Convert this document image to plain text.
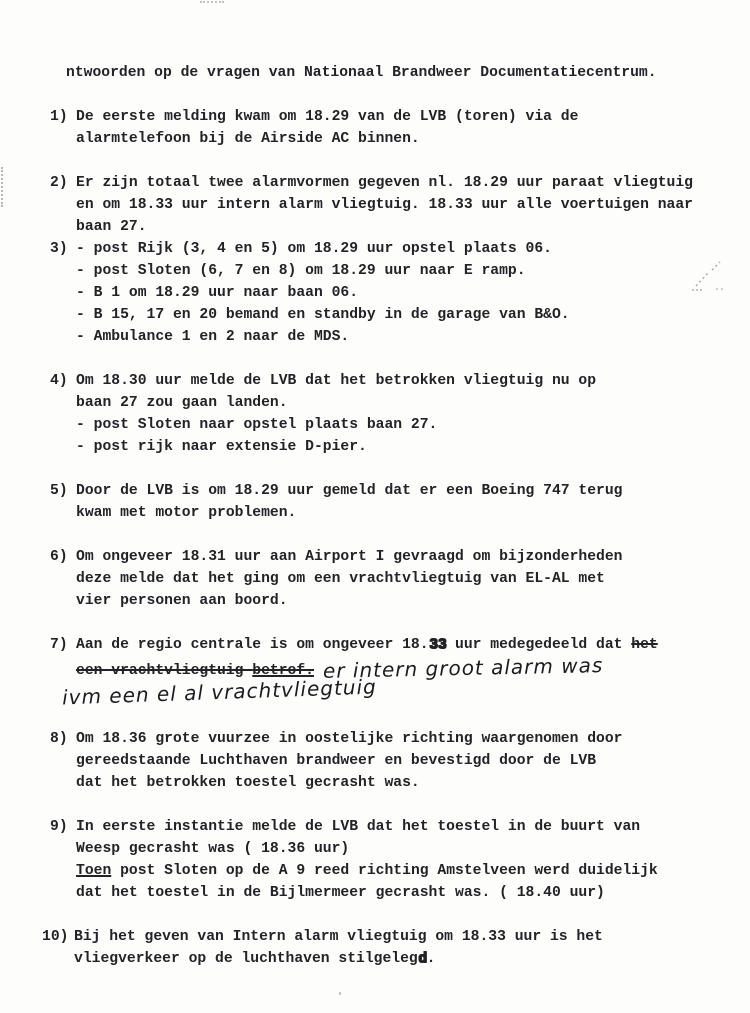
ntwoorden op de vragen van Nationaal Brandweer Documentatiecentrum.
1) De eerste melding kwam om 18.29 van de LVB (toren) via de
alarmtelefoon bij de Airside AC binnen.
2) Er zijn totaal twee alarmvormen gegeven nl. 18.29 uur paraat vliegtuig
en om 18.33 uur intern alarm vliegtuig. 18.33 uur alle voertuigen naar
baan 27.
3) - post Rijk (3, 4 en 5) om 18.29 uur opstel plaats 06.
- post Sloten (6, 7 en 8) om 18.29 uur naar E ramp.
- B 1 om 18.29 uur naar baan 06.
- B 15, 17 en 20 bemand en standby in de garage van B&O.
- Ambulance 1 en 2 naar de MDS.
4) Om 18.30 uur melde de LVB dat het betrokken vliegtuig nu op
baan 27 zou gaan landen.
- post Sloten naar opstel plaats baan 27.
- post rijk naar extensie D-pier.
5) Door de LVB is om 18.29 uur gemeld dat er een Boeing 747 terug
kwam met motor problemen.
6) Om ongeveer 18.31 uur aan Airport I gevraagd om bijzonderheden
deze melde dat het ging om een vrachtvliegtuig van EL-AL met
vier personen aan boord.
7) Aan de regio centrale is om ongeveer 18.33 uur medegedeeld dat het
een vrachtvliegtuig betrof. er intern groot alarm was
ivm een el al vrachtvliegtuig
8) Om 18.36 grote vuurzee in oostelijke richting waargenomen door
gereedstaande Luchthaven brandweer en bevestigd door de LVB
dat het betrokken toestel gecrasht was.
9) In eerste instantie melde de LVB dat het toestel in de buurt van
Weesp gecrasht was ( 18.36 uur)
Toen post Sloten op de A 9 reed richting Amstelveen werd duidelijk
dat het toestel in de Bijlmermeer gecrasht was. ( 18.40 uur)
10) Bij het geven van Intern alarm vliegtuig om 18.33 uur is het
vliegverkeer op de luchthaven stilgelegd.
